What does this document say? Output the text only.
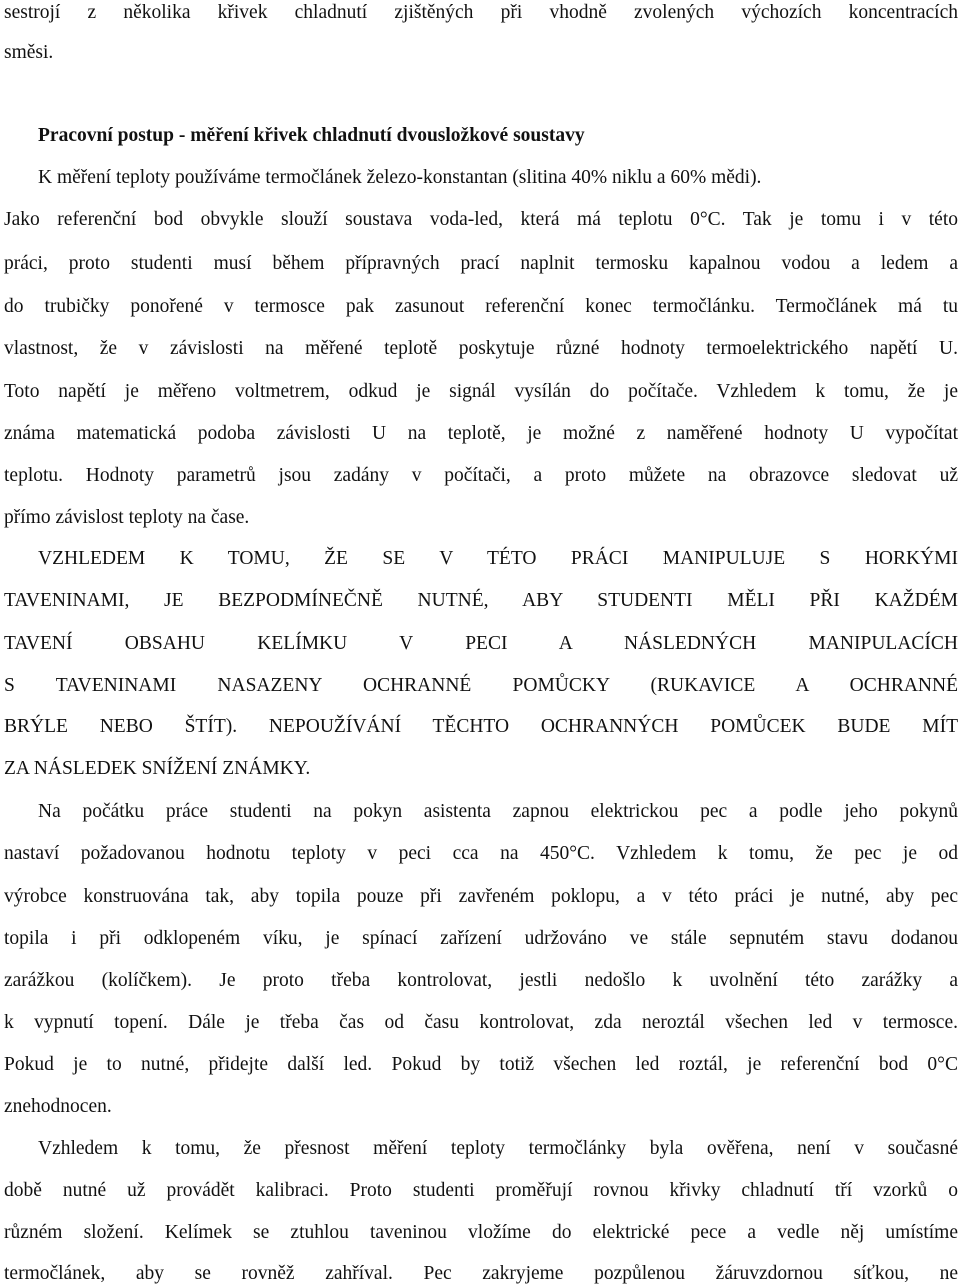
sestrojí z několika křivek chladnutí zjištěných při vhodně zvolených výchozích koncentracích
směsi.
Pracovní postup - měření křivek chladnutí dvousložkové soustavy
K měření teploty používáme termočlánek železo-konstantan (slitina 40% niklu a 60% mědi).
Jako referenční bod obvykle slouží soustava voda-led, která má teplotu 0°C. Tak je tomu i v této
práci, proto studenti musí během přípravných prací naplnit termosku kapalnou vodou a ledem a
do trubičky ponořené v termosce pak zasunout referenční konec termočlánku. Termočlánek má tu
vlastnost, že v závislosti na měřené teplotě poskytuje různé hodnoty termoelektrického napětí U.
Toto napětí je měřeno voltmetrem, odkud je signál vysílán do počítače. Vzhledem k tomu, že je
známa matematická podoba závislosti U na teplotě, je možné z naměřené hodnoty U vypočítat
teplotu. Hodnoty parametrů jsou zadány v počítači, a proto můžete na obrazovce sledovat už
přímo závislost teploty na čase.
VZHLEDEM K TOMU, ŽE SE V TÉTO PRÁCI MANIPULUJE S HORKÝMI
TAVENINAMI, JE BEZPODMÍNEČNĚ NUTNÉ, ABY STUDENTI MĚLI PŘI KAŽDÉM
TAVENÍ OBSAHU KELÍMKU V PECI A NÁSLEDNÝCH MANIPULACÍCH
S TAVENINAMI NASAZENY OCHRANNÉ POMŮCKY (RUKAVICE A OCHRANNÉ
BRÝLE NEBO ŠTÍT). NEPOUŽÍVÁNÍ TĚCHTO OCHRANNÝCH POMŮCEK BUDE MÍT
ZA NÁSLEDEK SNÍŽENÍ ZNÁMKY.
Na počátku práce studenti na pokyn asistenta zapnou elektrickou pec a podle jeho pokynů
nastaví požadovanou hodnotu teploty v peci cca na 450°C. Vzhledem k tomu, že pec je od
výrobce konstruována tak, aby topila pouze při zavřeném poklopu, a v této práci je nutné, aby pec
topila i při odklopeném víku, je spínací zařízení udržováno ve stále sepnutém stavu dodanou
zarážkou (kolíčkem). Je proto třeba kontrolovat, jestli nedošlo k uvolnění této zarážky a
k vypnutí topení. Dále je třeba čas od času kontrolovat, zda neroztál všechen led v termosce.
Pokud je to nutné, přidejte další led. Pokud by totiž všechen led roztál, je referenční bod 0°C
znehodnocen.
Vzhledem k tomu, že přesnost měření teploty termočlánky byla ověřena, není v současné
době nutné už provádět kalibraci. Proto studenti proměřují rovnou křivky chladnutí tří vzorků o
různém složení. Kelímek se ztuhlou taveninou vložíme do elektrické pece a vedle něj umístíme
termočlánek, aby se rovněž zahříval. Pec zakryjeme pozpůlenou žáruvzdornou síťkou, ne
